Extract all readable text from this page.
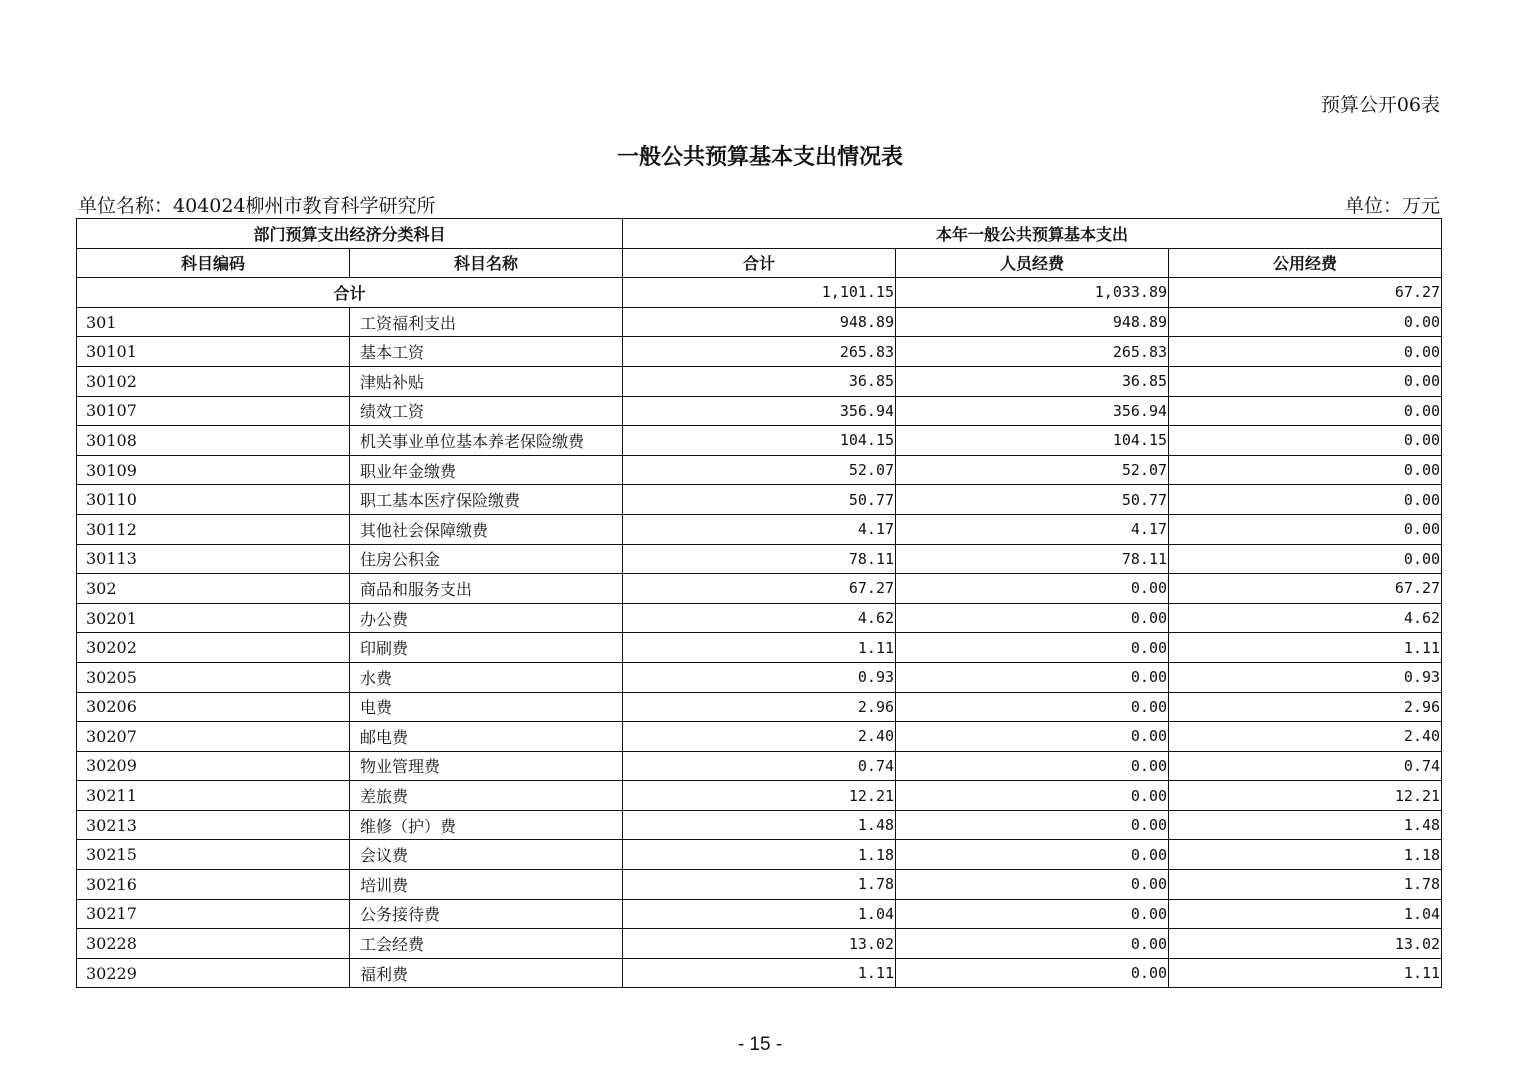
预算公开06表
一般公共预算基本支出情况表
单位名称：404024柳州市教育科学研究所	单位：万元
部门预算支出经济分类科目		本年一般公共预算基本支出		
科目编码	科目名称	合计	人员经费	公用经费
合计		1,101.15	1,033.89	67.27
301	工资福利支出	948.89	948.89	0.00
30101	基本工资	265.83	265.83	0.00
30102	津贴补贴	36.85	36.85	0.00
30107	绩效工资	356.94	356.94	0.00
30108	机关事业单位基本养老保险缴费	104.15	104.15	0.00
30109	职业年金缴费	52.07	52.07	0.00
30110	职工基本医疗保险缴费	50.77	50.77	0.00
30112	其他社会保障缴费	4.17	4.17	0.00
30113	住房公积金	78.11	78.11	0.00
302	商品和服务支出	67.27	0.00	67.27
30201	办公费	4.62	0.00	4.62
30202	印刷费	1.11	0.00	1.11
30205	水费	0.93	0.00	0.93
30206	电费	2.96	0.00	2.96
30207	邮电费	2.40	0.00	2.40
30209	物业管理费	0.74	0.00	0.74
30211	差旅费	12.21	0.00	12.21
30213	维修（护）费	1.48	0.00	1.48
30215	会议费	1.18	0.00	1.18
30216	培训费	1.78	0.00	1.78
30217	公务接待费	1.04	0.00	1.04
30228	工会经费	13.02	0.00	13.02
30229	福利费	1.11	0.00	1.11
- 15 -
